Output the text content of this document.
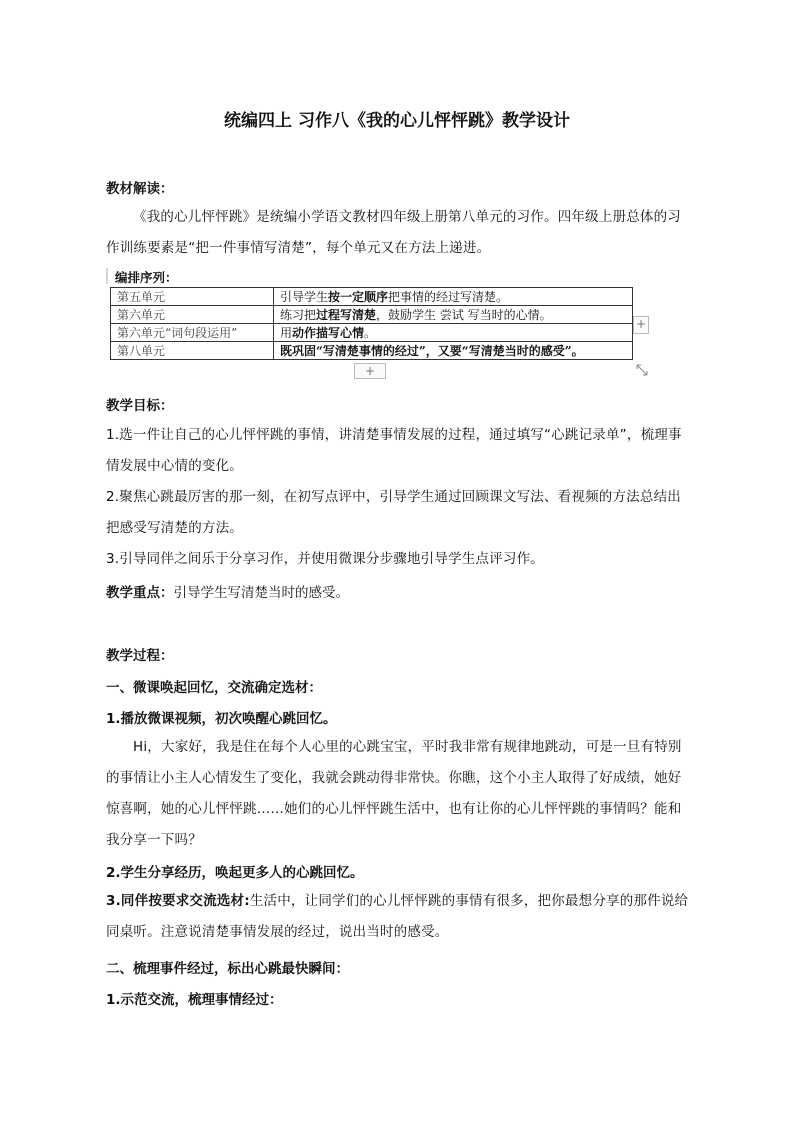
统编四上 习作八《我的心儿怦怦跳》教学设计
教材解读：
《我的心儿怦怦跳》是统编小学语文教材四年级上册第八单元的习作。四年级上册总体的习作训练要素是“把一件事情写清楚”，每个单元又在方法上递进。
编排序列：
第五单元	引导学生按一定顺序把事情的经过写清楚。
第六单元	练习把过程写清楚，鼓励学生 尝试 写当时的心情。
第六单元“词句段运用”	用动作描写心情。
第八单元	既巩固“写清楚事情的经过”，又要“写清楚当时的感受”。
+
+
教学目标：
1.选一件让自己的心儿怦怦跳的事情，讲清楚事情发展的过程，通过填写“心跳记录单”，梳理事情发展中心情的变化。
2.聚焦心跳最厉害的那一刻，在初写点评中，引导学生通过回顾课文写法、看视频的方法总结出把感受写清楚的方法。
3.引导同伴之间乐于分享习作，并使用微课分步骤地引导学生点评习作。
教学重点：引导学生写清楚当时的感受。
教学过程：
一、微课唤起回忆，交流确定选材：
1.播放微课视频，初次唤醒心跳回忆。
Hi，大家好，我是住在每个人心里的心跳宝宝，平时我非常有规律地跳动，可是一旦有特别的事情让小主人心情发生了变化，我就会跳动得非常快。你瞧，这个小主人取得了好成绩，她好惊喜啊，她的心儿怦怦跳……她们的心儿怦怦跳生活中，也有让你的心儿怦怦跳的事情吗？能和我分享一下吗？
2.学生分享经历，唤起更多人的心跳回忆。
3.同伴按要求交流选材:生活中，让同学们的心儿怦怦跳的事情有很多，把你最想分享的那件说给同桌听。注意说清楚事情发展的经过，说出当时的感受。
二、梳理事件经过，标出心跳最快瞬间：
1.示范交流，梳理事情经过：
